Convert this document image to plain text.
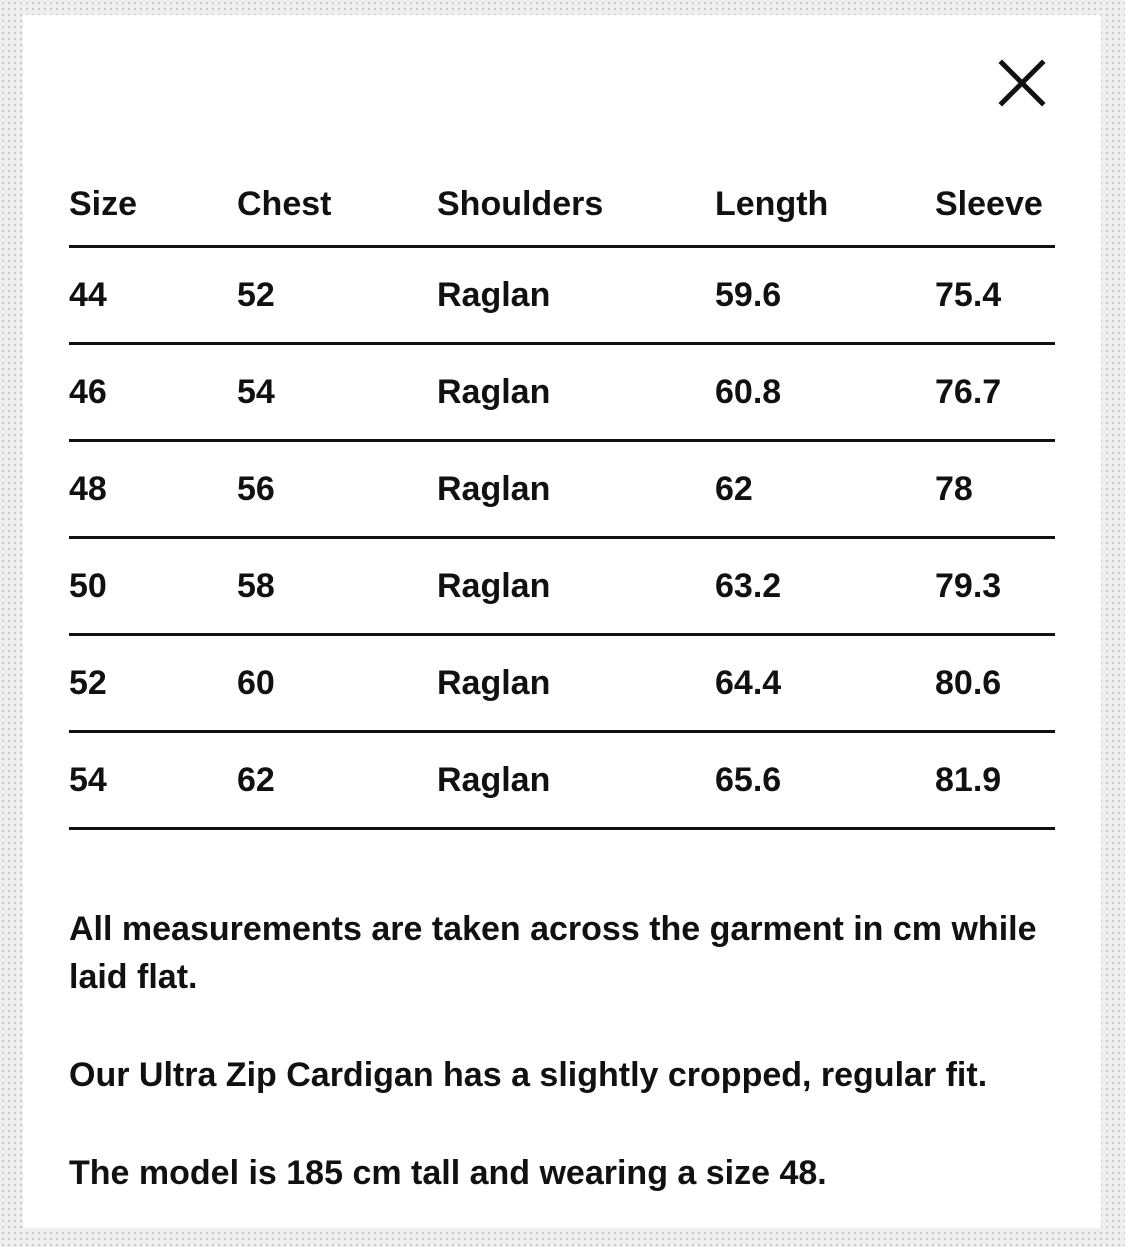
Size	Chest	Shoulders	Length	Sleeve
44	52	Raglan	59.6	75.4
46	54	Raglan	60.8	76.7
48	56	Raglan	62	78
50	58	Raglan	63.2	79.3
52	60	Raglan	64.4	80.6
54	62	Raglan	65.6	81.9

All measurements are taken across the garment in cm while laid flat.

Our Ultra Zip Cardigan has a slightly cropped, regular fit.

The model is 185 cm tall and wearing a size 48.
